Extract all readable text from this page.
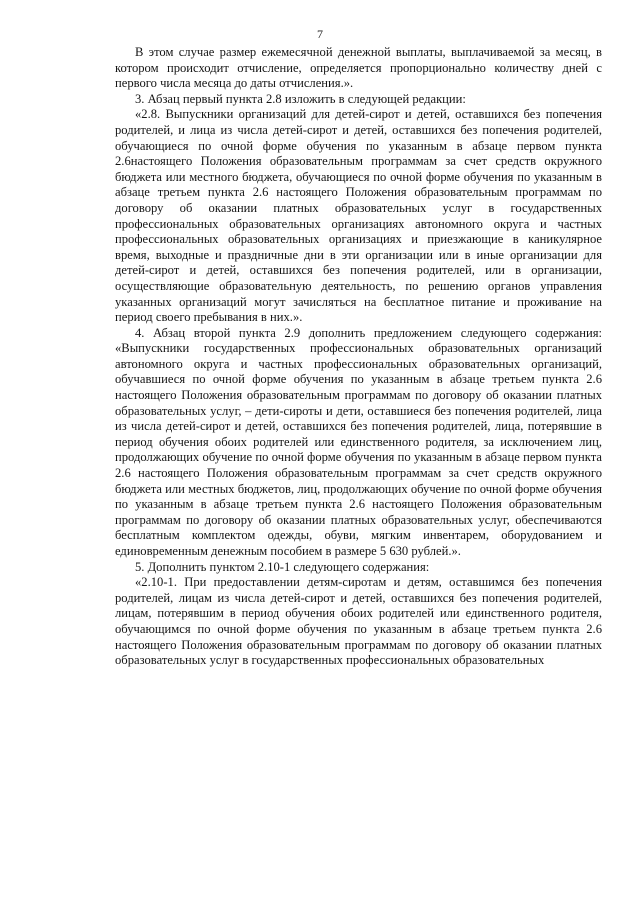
7

В этом случае размер ежемесячной денежной выплаты, выплачиваемой за месяц, в котором происходит отчисление, определяется пропорционально количеству дней с первого числа месяца до даты отчисления.».

3. Абзац первый пункта 2.8 изложить в следующей редакции:

«2.8. Выпускники организаций для детей-сирот и детей, оставшихся без попечения родителей, и лица из числа детей-сирот и детей, оставшихся без попечения родителей, обучающиеся по очной форме обучения по указанным в абзаце первом пункта 2.6настоящего Положения образовательным программам за счет средств окружного бюджета или местного бюджета, обучающиеся по очной форме обучения по указанным в абзаце третьем пункта 2.6 настоящего Положения образовательным программам по договору об оказании платных образовательных услуг в государственных профессиональных образовательных организациях автономного округа и частных профессиональных образовательных организациях и приезжающие в каникулярное время, выходные и праздничные дни в эти организации или в иные организации для детей-сирот и детей, оставшихся без попечения родителей, или в организации, осуществляющие образовательную деятельность, по решению органов управления указанных организаций могут зачисляться на бесплатное питание и проживание на период своего пребывания в них.».

4. Абзац второй пункта 2.9 дополнить предложением следующего содержания: «Выпускники государственных профессиональных образовательных организаций автономного округа и частных профессиональных образовательных организаций, обучавшиеся по очной форме обучения по указанным в абзаце третьем пункта 2.6 настоящего Положения образовательным программам по договору об оказании платных образовательных услуг, – дети-сироты и дети, оставшиеся без попечения родителей, лица из числа детей-сирот и детей, оставшихся без попечения родителей, лица, потерявшие в период обучения обоих родителей или единственного родителя, за исключением лиц, продолжающих обучение по очной форме обучения по указанным в абзаце первом пункта 2.6 настоящего Положения образовательным программам за счет средств окружного бюджета или местных бюджетов, лиц, продолжающих обучение по очной форме обучения по указанным в абзаце третьем пункта 2.6 настоящего Положения образовательным программам по договору об оказании платных образовательных услуг, обеспечиваются бесплатным комплектом одежды, обуви, мягким инвентарем, оборудованием и единовременным денежным пособием в размере 5 630 рублей.».

5. Дополнить пунктом 2.10-1 следующего содержания:

«2.10-1. При предоставлении детям-сиротам и детям, оставшимся без попечения родителей, лицам из числа детей-сирот и детей, оставшихся без попечения родителей, лицам, потерявшим в период обучения обоих родителей или единственного родителя, обучающимся по очной форме обучения по указанным в абзаце третьем пункта 2.6 настоящего Положения образовательным программам по договору об оказании платных образовательных услуг в государственных профессиональных образовательных
